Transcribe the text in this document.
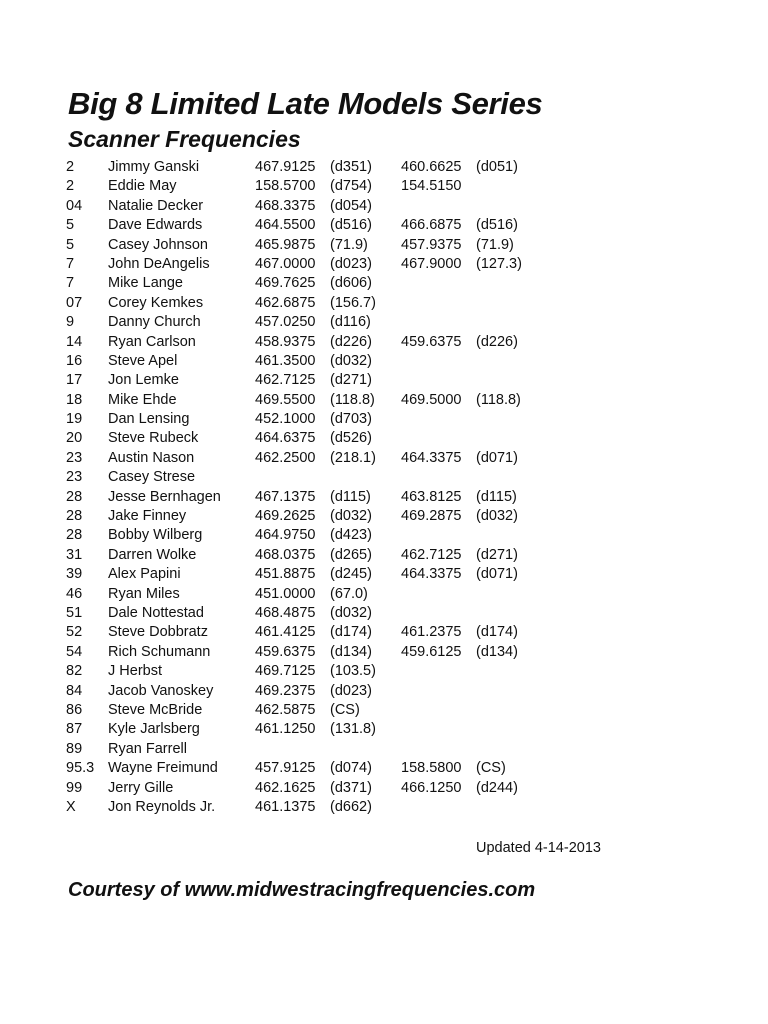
Big 8 Limited Late Models Series
Scanner Frequencies
2 Jimmy Ganski	467.9125 (d351) 460.6625 (d051)
2 Eddie May	158.5700 (d754) 154.5150
04 Natalie Decker	468.3375 (d054)
5 Dave Edwards	464.5500 (d516) 466.6875 (d516)
5 Casey Johnson	465.9875 (71.9) 457.9375 (71.9)
7 John DeAngelis	467.0000 (d023) 467.9000 (127.3)
7 Mike Lange	469.7625 (d606)
07 Corey Kemkes	462.6875 (156.7)
9 Danny Church	457.0250 (d116)
14 Ryan Carlson	458.9375 (d226) 459.6375 (d226)
16 Steve Apel	461.3500 (d032)
17 Jon Lemke	462.7125 (d271)
18 Mike Ehde	469.5500 (118.8) 469.5000 (118.8)
19 Dan Lensing	452.1000 (d703)
20 Steve Rubeck	464.6375 (d526)
23 Austin Nason	462.2500 (218.1) 464.3375 (d071)
23 Casey Strese
28 Jesse Bernhagen 467.1375 (d115) 463.8125 (d115)
28 Jake Finney	469.2625 (d032) 469.2875 (d032)
28 Bobby Wilberg	464.9750 (d423)
31 Darren Wolke	468.0375 (d265) 462.7125 (d271)
39 Alex Papini	451.8875 (d245) 464.3375 (d071)
46 Ryan Miles	451.0000 (67.0)
51 Dale Nottestad	468.4875 (d032)
52 Steve Dobbratz	461.4125 (d174) 461.2375 (d174)
54 Rich Schumann	459.6375 (d134) 459.6125 (d134)
82 J Herbst	469.7125 (103.5)
84 Jacob Vanoskey	469.2375 (d023)
86 Steve McBride	462.5875 (CS)
87 Kyle Jarlsberg	461.1250 (131.8)
89 Ryan Farrell
95.3 Wayne Freimund	457.9125 (d074) 158.5800 (CS)
99 Jerry Gille	462.1625 (d371) 466.1250 (d244)
X Jon Reynolds Jr.	461.1375 (d662)
Updated 4-14-2013
Courtesy of www.midwestracingfrequencies.com
